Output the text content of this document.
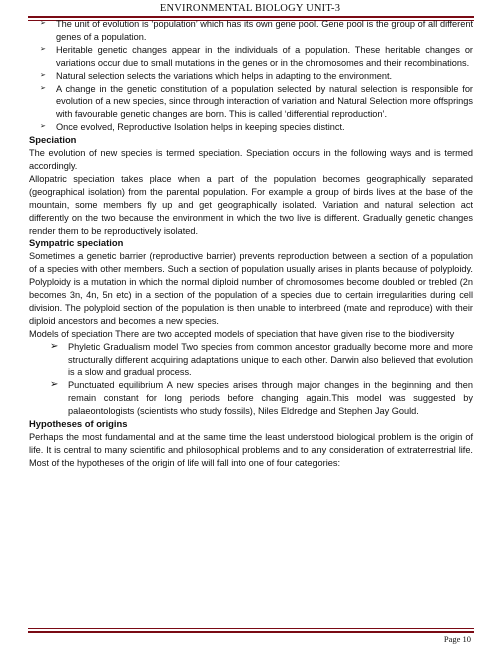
ENVIRONMENTAL BIOLOGY UNIT-3
➢ The unit of evolution is ‘population’ which has its own gene pool. Gene pool is the group of all different genes of a population.
➢ Heritable genetic changes appear in the individuals of a population. These heritable changes or variations occur due to small mutations in the genes or in the chromosomes and their recombinations.
➢ Natural selection selects the variations which helps in adapting to the environment.
➢ A change in the genetic constitution of a population selected by natural selection is responsible for evolution of a new species, since through interaction of variation and Natural Selection more offsprings with favourable genetic changes are born. This is called ‘differential reproduction’.
➢ Once evolved, Reproductive Isolation helps in keeping species distinct.
Speciation

The evolution of new species is termed speciation. Speciation occurs in the following ways and is termed accordingly.

Allopatric speciation takes place when a part of the population becomes geographically separated (geographical isolation) from the parental population. For example a group of birds lives at the base of the mountain, some members fly up and get geographically isolated. Variation and natural selection act differently on the two because the environment in which the two live is different. Gradually genetic changes render them to be reproductively isolated.

Sympatric speciation

Sometimes a genetic barrier (reproductive barrier) prevents reproduction between a section of a population of a species with other members. Such a section of population usually arises in plants because of polyploidy. Polyploidy is a mutation in which the normal diploid number of chromosomes become doubled or trebled (2n becomes 3n, 4n, 5n etc) in a section of the population of a species due to certain irregularities during cell division. The polyploid section of the population is then unable to interbreed (mate and reproduce) with their diploid ancestors and becomes a new species.

Models of speciation There are two accepted models of speciation that have given rise to the biodiversity

➢ Phyletic Gradualism model Two species from common ancestor gradually become more and more structurally different acquiring adaptations unique to each other. Darwin also believed that evolution is a slow and gradual process.
➢ Punctuated equilibrium A new species arises through major changes in the beginning and then remain constant for long periods before changing again.This model was suggested by palaeontologists (scientists who study fossils), Niles Eldredge and Stephen Jay Gould.
Hypotheses of origins

Perhaps the most fundamental and at the same time the least understood biological problem is the origin of life. It is central to many scientific and philosophical problems and to any consideration of extraterrestrial life. Most of the hypotheses of the origin of life will fall into one of four categories:

Page 10
